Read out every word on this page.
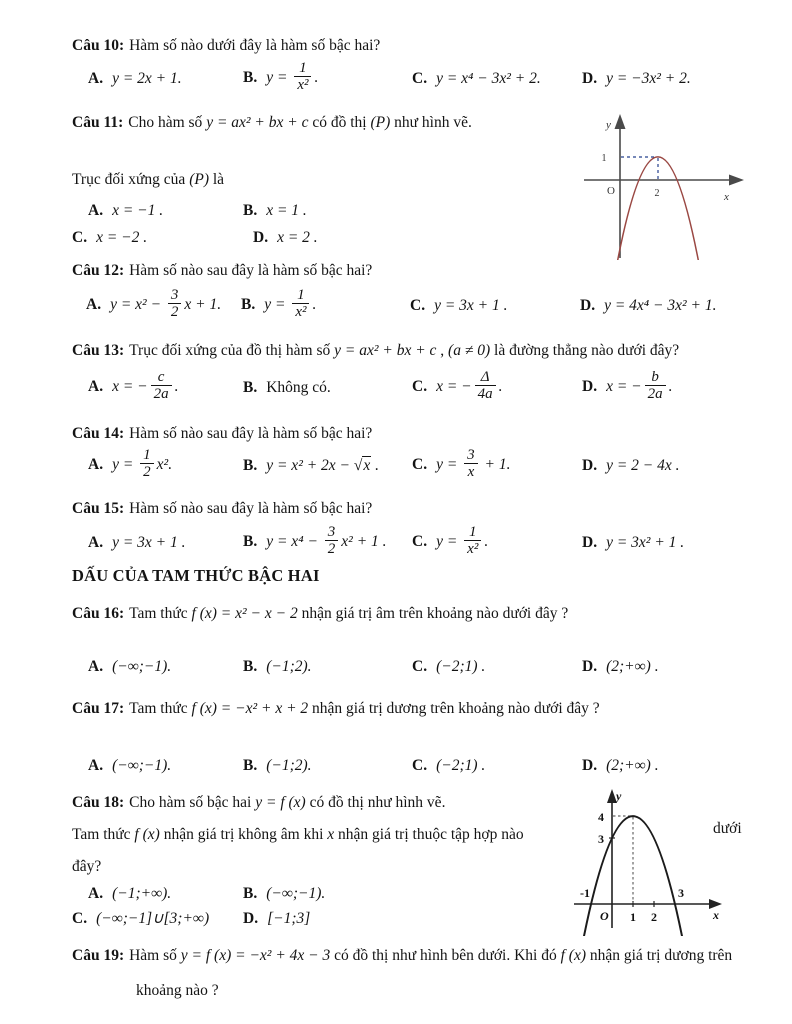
Câu 10: Hàm số nào dưới đây là hàm số bậc hai?
A. y = 2x + 1.	B. $y = \frac{1}{\text{x²}}$ .	C. y = x⁴ − 3x² + 2.	D. y = −3x² + 2.
Câu 11: Cho hàm số y = ax² + bx + c có đồ thị (P) như hình vẽ.
Trục đối xứng của (P) là
A. x = −1 .	B. x = 1 .
C. x = −2 .	D. x = 2 .
Câu 12: Hàm số nào sau đây là hàm số bậc hai?
A. $y = x^2 - \frac{3}{2}$ x + 1.	B. $y = \frac{1}{\text{x²}}$ .	C. y = 3x + 1 .	D. y = 4x⁴ − 3x² + 1.
Câu 13: Trục đối xứng của đồ thị hàm số y = ax² + bx + c , (a ≠ 0) là đường thẳng nào dưới đây?
A. x = − $\frac{c}{2a}$ .	B. Không có.	C. x = − $\frac{\Delta}{4a}$ .	D. x = − $\frac{b}{2a}$ .
Câu 14: Hàm số nào sau đây là hàm số bậc hai?
A. $y = \frac{1}{2} x^2$.	B. y = x² + 2x − √x .	C. $y = \frac{3}{x} + 1$.	D. y = 2 − 4x .
Câu 15: Hàm số nào sau đây là hàm số bậc hai?
A. y = 3x + 1 .	B. $y = x^4 - \frac{3}{2} x^2 + 1$ .	C. $y = \frac{1}{\text{x²}}$ .	D. y = 3x² + 1 .
Câu 16: Tam thức f (x) = x² − x − 2 nhận giá trị âm trên khoảng nào dưới đây ?
A. (−∞;−1).	B. (−1;2).	C. (−2;1) .	D. (2;+∞) .
Câu 17: Tam thức f (x) = −x² + x + 2 nhận giá trị dương trên khoảng nào dưới đây ?
A. (−∞;−1).	B. (−1;2).	C. (−2;1) .	D. (2;+∞) .
Câu 18: Cho hàm số bậc hai y = f (x) có đồ thị như hình vẽ.
Tam thức f (x) nhận giá trị không âm khi x nhận giá trị thuộc tập hợp nào
đây?
A. (−1;+∞).	B. (−∞;−1).
C. (−∞;−1]∪[3;+∞)	D. [−1;3]
Câu 19: Hàm số y = f (x) = −x² + 4x − 3 có đồ thị như hình bên dưới. Khi đó f (x) nhận giá trị dương trên
khoảng nào ?
DẤU CỦA TAM THỨC BẬC HAI
dưới
y
x
O
1
2
y
x
O
4
3
-1
1 2
3
